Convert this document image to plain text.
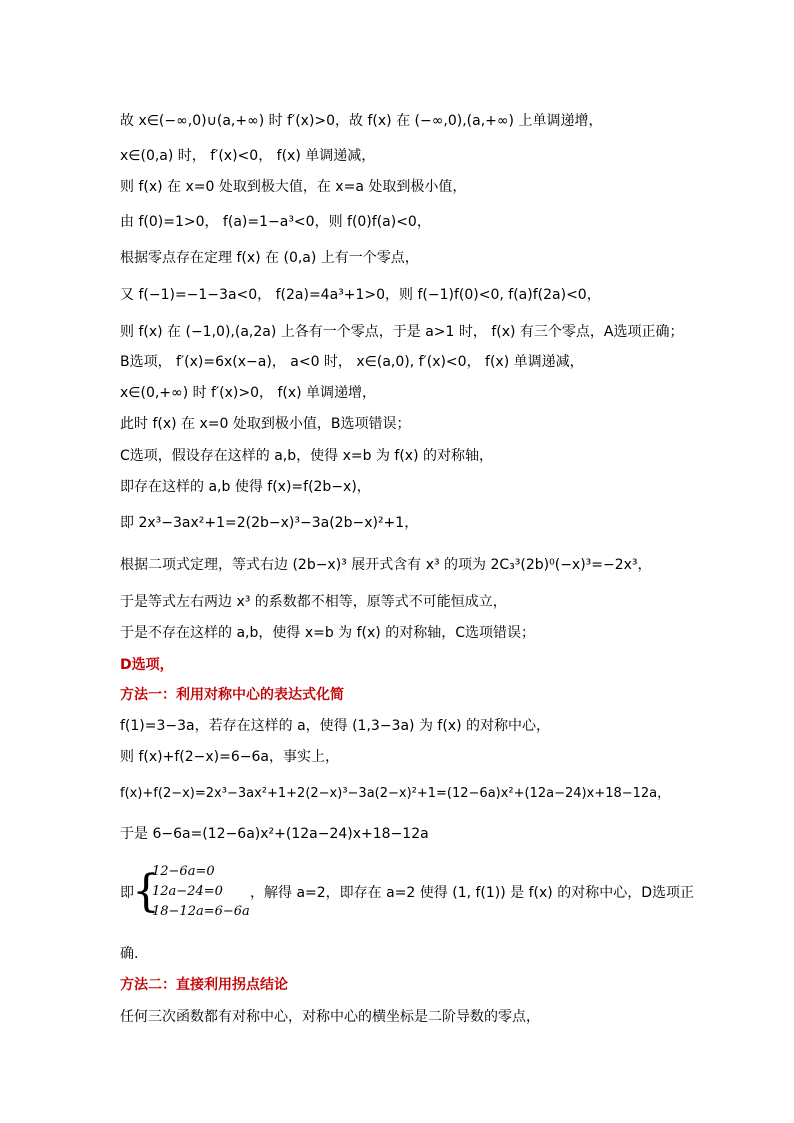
故 x∈(−∞,0)∪(a,+∞) 时 f′(x)>0，故 f(x) 在 (−∞,0),(a,+∞) 上单调递增，
x∈(0,a) 时， f′(x)<0， f(x) 单调递减，
则 f(x) 在 x=0 处取到极大值，在 x=a 处取到极小值，
由 f(0)=1>0， f(a)=1−a³<0，则 f(0)f(a)<0，
根据零点存在定理 f(x) 在 (0,a) 上有一个零点，
又 f(−1)=−1−3a<0， f(2a)=4a³+1>0，则 f(−1)f(0)<0, f(a)f(2a)<0，
则 f(x) 在 (−1,0),(a,2a) 上各有一个零点，于是 a>1 时， f(x) 有三个零点，A选项正确；
B选项， f′(x)=6x(x−a)， a<0 时， x∈(a,0), f′(x)<0， f(x) 单调递减，
x∈(0,+∞) 时 f′(x)>0， f(x) 单调递增，
此时 f(x) 在 x=0 处取到极小值，B选项错误；
C选项，假设存在这样的 a,b，使得 x=b 为 f(x) 的对称轴，
即存在这样的 a,b 使得 f(x)=f(2b−x)，
即 2x³−3ax²+1=2(2b−x)³−3a(2b−x)²+1，
根据二项式定理，等式右边 (2b−x)³ 展开式含有 x³ 的项为 2C₃³(2b)⁰(−x)³=−2x³，
于是等式左右两边 x³ 的系数都不相等，原等式不可能恒成立，
于是不存在这样的 a,b，使得 x=b 为 f(x) 的对称轴，C选项错误；
D选项，
方法一：利用对称中心的表达式化简
f(1)=3−3a，若存在这样的 a，使得 (1,3−3a) 为 f(x) 的对称中心，
则 f(x)+f(2−x)=6−6a，事实上，
f(x)+f(2−x)=2x³−3ax²+1+2(2−x)³−3a(2−x)²+1=(12−6a)x²+(12a−24)x+18−12a，
于是 6−6a=(12−6a)x²+(12a−24)x+18−12a
即
{
12−6a=0
12a−24=0
18−12a=6−6a
，解得 a=2，即存在 a=2 使得 (1, f(1)) 是 f(x) 的对称中心，D选项正
确.
方法二：直接利用拐点结论
任何三次函数都有对称中心，对称中心的横坐标是二阶导数的零点，
